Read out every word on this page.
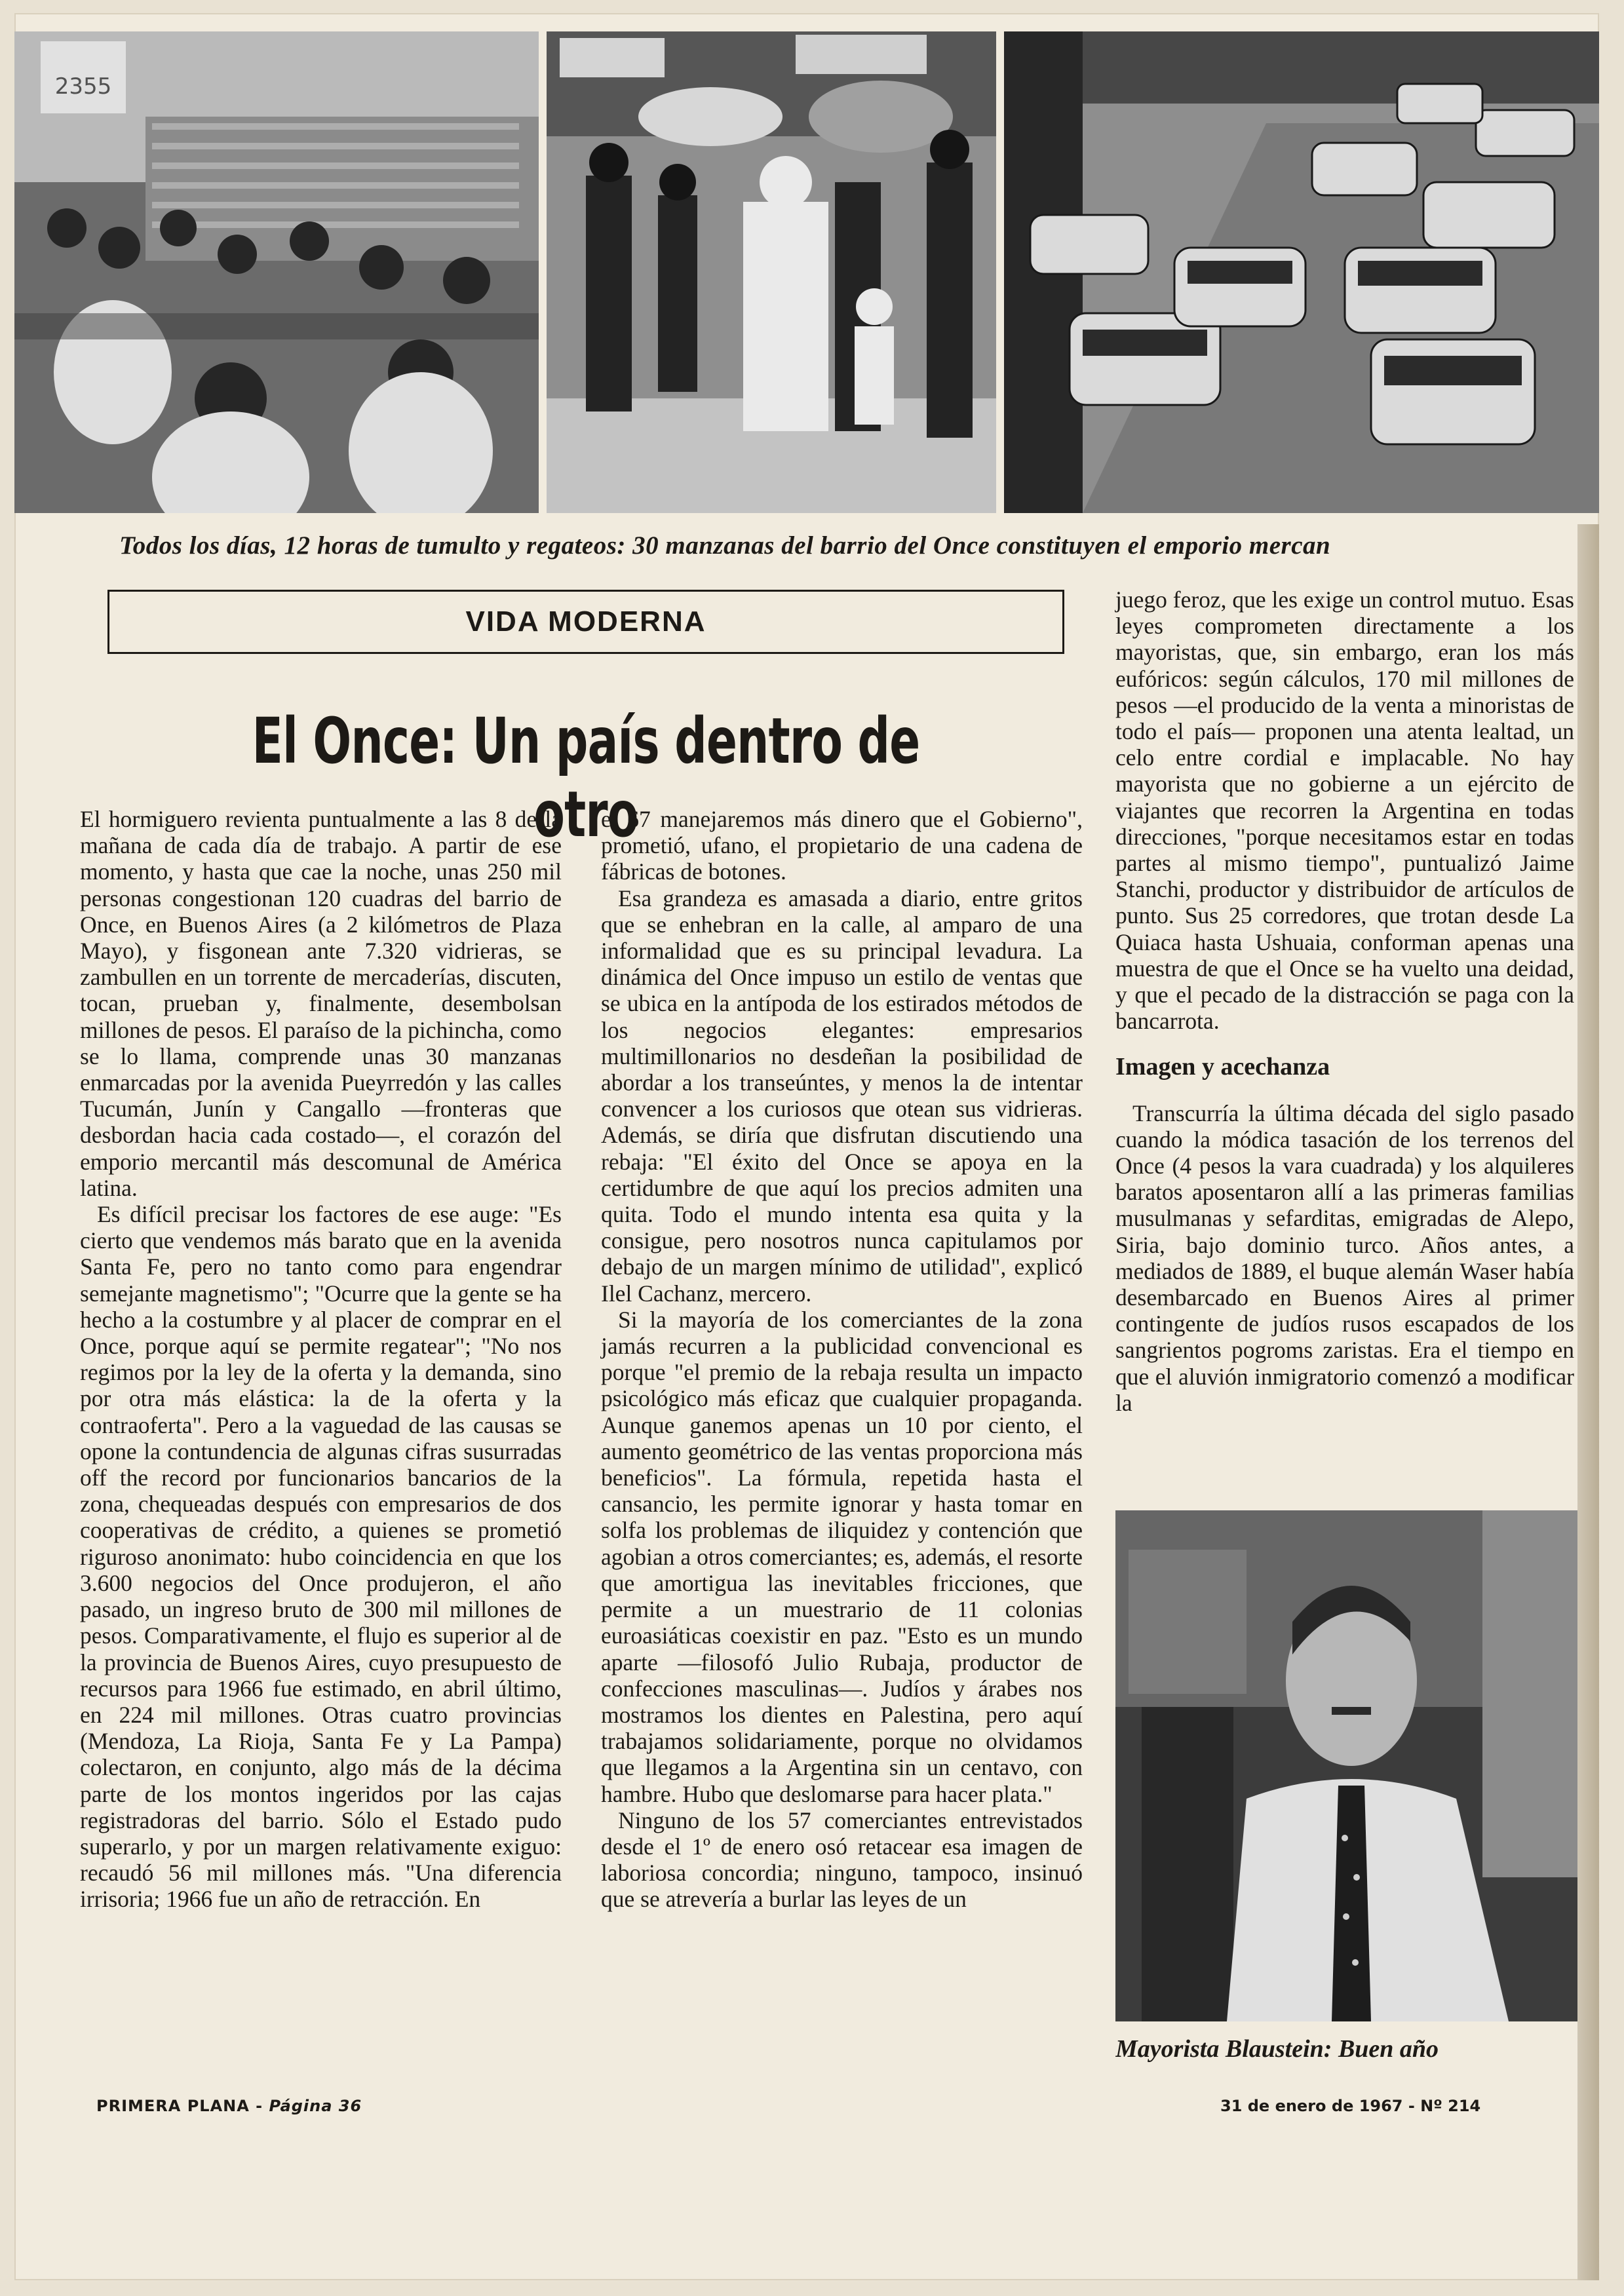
2355
Todos los días, 12 horas de tumulto y regateos: 30 manzanas del barrio del Once constituyen el emporio mercan
VIDA MODERNA
El Once: Un país dentro de otro

El hormiguero revienta puntualmente a las 8 de la mañana de cada día de trabajo. A partir de ese momento, y hasta que cae la noche, unas 250 mil personas congestionan 120 cuadras del barrio de Once, en Buenos Aires (a 2 kilómetros de Plaza Mayo), y fisgonean ante 7.320 vidrieras, se zambullen en un torrente de mercaderías, discuten, tocan, prueban y, finalmente, desembolsan millones de pesos. El paraíso de la pichincha, como se lo llama, comprende unas 30 manzanas enmarcadas por la avenida Pueyrredón y las calles Tucumán, Junín y Cangallo —fronteras que desbordan hacia cada costado—, el corazón del emporio mercantil más descomunal de América latina.

Es difícil precisar los factores de ese auge: "Es cierto que vendemos más barato que en la avenida Santa Fe, pero no tanto como para engendrar semejante magnetismo"; "Ocurre que la gente se ha hecho a la costumbre y al placer de comprar en el Once, porque aquí se permite regatear"; "No nos regimos por la ley de la oferta y la demanda, sino por otra más elástica: la de la oferta y la contraoferta". Pero a la vaguedad de las causas se opone la contundencia de algunas cifras susurradas off the record por funcionarios bancarios de la zona, chequeadas después con empresarios de dos cooperativas de crédito, a quienes se prometió riguroso anonimato: hubo coincidencia en que los 3.600 negocios del Once produjeron, el año pasado, un ingreso bruto de 300 mil millones de pesos. Comparativamente, el flujo es superior al de la provincia de Buenos Aires, cuyo presupuesto de recursos para 1966 fue estimado, en abril último, en 224 mil millones. Otras cuatro provincias (Mendoza, La Rioja, Santa Fe y La Pampa) colectaron, en conjunto, algo más de la décima parte de los montos ingeridos por las cajas registradoras del barrio. Sólo el Estado pudo superarlo, y por un margen relativamente exiguo: recaudó 56 mil millones más. "Una diferencia irrisoria; 1966 fue un año de retracción. En

el 67 manejaremos más dinero que el Gobierno", prometió, ufano, el propietario de una cadena de fábricas de botones.

Esa grandeza es amasada a diario, entre gritos que se enhebran en la calle, al amparo de una informalidad que es su principal levadura. La dinámica del Once impuso un estilo de ventas que se ubica en la antípoda de los estirados métodos de los negocios elegantes: empresarios multimillonarios no desdeñan la posibilidad de abordar a los transeúntes, y menos la de intentar convencer a los curiosos que otean sus vidrieras. Además, se diría que disfrutan discutiendo una rebaja: "El éxito del Once se apoya en la certidumbre de que aquí los precios admiten una quita. Todo el mundo intenta esa quita y la consigue, pero nosotros nunca capitulamos por debajo de un margen mínimo de utilidad", explicó Ilel Cachanz, mercero.

Si la mayoría de los comerciantes de la zona jamás recurren a la publicidad convencional es porque "el premio de la rebaja resulta un impacto psicológico más eficaz que cualquier propaganda. Aunque ganemos apenas un 10 por ciento, el aumento geométrico de las ventas proporciona más beneficios". La fórmula, repetida hasta el cansancio, les permite ignorar y hasta tomar en solfa los problemas de iliquidez y contención que agobian a otros comerciantes; es, además, el resorte que amortigua las inevitables fricciones, que permite a un muestrario de 11 colonias euroasiáticas coexistir en paz. "Esto es un mundo aparte —filosofó Julio Rubaja, productor de confecciones masculinas—. Judíos y árabes nos mostramos los dientes en Palestina, pero aquí trabajamos solidariamente, porque no olvidamos que llegamos a la Argentina sin un centavo, con hambre. Hubo que deslomarse para hacer plata."

Ninguno de los 57 comerciantes entrevistados desde el 1º de enero osó retacear esa imagen de laboriosa concordia; ninguno, tampoco, insinuó que se atrevería a burlar las leyes de un

juego feroz, que les exige un control mutuo. Esas leyes comprometen directamente a los mayoristas, que, sin embargo, eran los más eufóricos: según cálculos, 170 mil millones de pesos —el producido de la venta a minoristas de todo el país— proponen una atenta lealtad, un celo entre cordial e implacable. No hay mayorista que no gobierne a un ejército de viajantes que recorren la Argentina en todas direcciones, "porque necesitamos estar en todas partes al mismo tiempo", puntualizó Jaime Stanchi, productor y distribuidor de artículos de punto. Sus 25 corredores, que trotan desde La Quiaca hasta Ushuaia, conforman apenas una muestra de que el Once se ha vuelto una deidad, y que el pecado de la distracción se paga con la bancarrota.

Imagen y acechanza

Transcurría la última década del siglo pasado cuando la módica tasación de los terrenos del Once (4 pesos la vara cuadrada) y los alquileres baratos aposentaron allí a las primeras familias musulmanas y sefarditas, emigradas de Alepo, Siria, bajo dominio turco. Años antes, a mediados de 1889, el buque alemán Waser había desembarcado en Buenos Aires al primer contingente de judíos rusos escapados de los sangrientos pogroms zaristas. Era el tiempo en que el aluvión inmigratorio comenzó a modificar la

Mayorista Blaustein: Buen año
PRIMERA PLANA - Página 36	31 de enero de 1967 - Nº 214
